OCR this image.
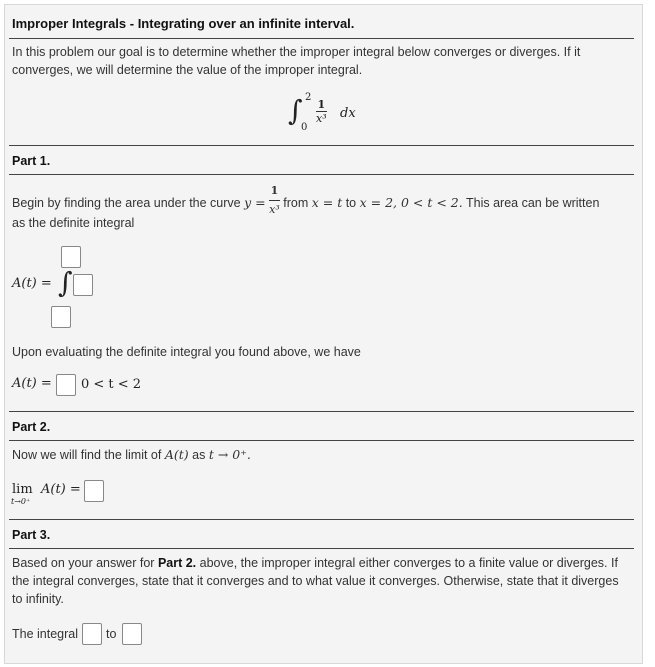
Improper Integrals - Integrating over an infinite interval.
In this problem our goal is to determine whether the improper integral below converges or diverges. If it
converges, we will determine the value of the improper integral.
∫ 2
0
$\frac{1}{\text{x³}}$ dx
Part 1.
Begin by finding the area under the curve $y = \frac{1}{\text{x³}}$ from x = t to x = 2, 0 < t < 2. This area can be written
as the definite integral
A(t) = ∫
Upon evaluating the definite integral you found above, we have
A(t) = 0 < t < 2
Part 2.
Now we will find the limit of A(t) as t → 0⁺.
lim
t→0⁺
A(t) =
Part 3.
Based on your answer for Part 2. above, the improper integral either converges to a finite value or diverges. If
the integral converges, state that it converges and to what value it converges. Otherwise, state that it diverges
to infinity.
The integral to
